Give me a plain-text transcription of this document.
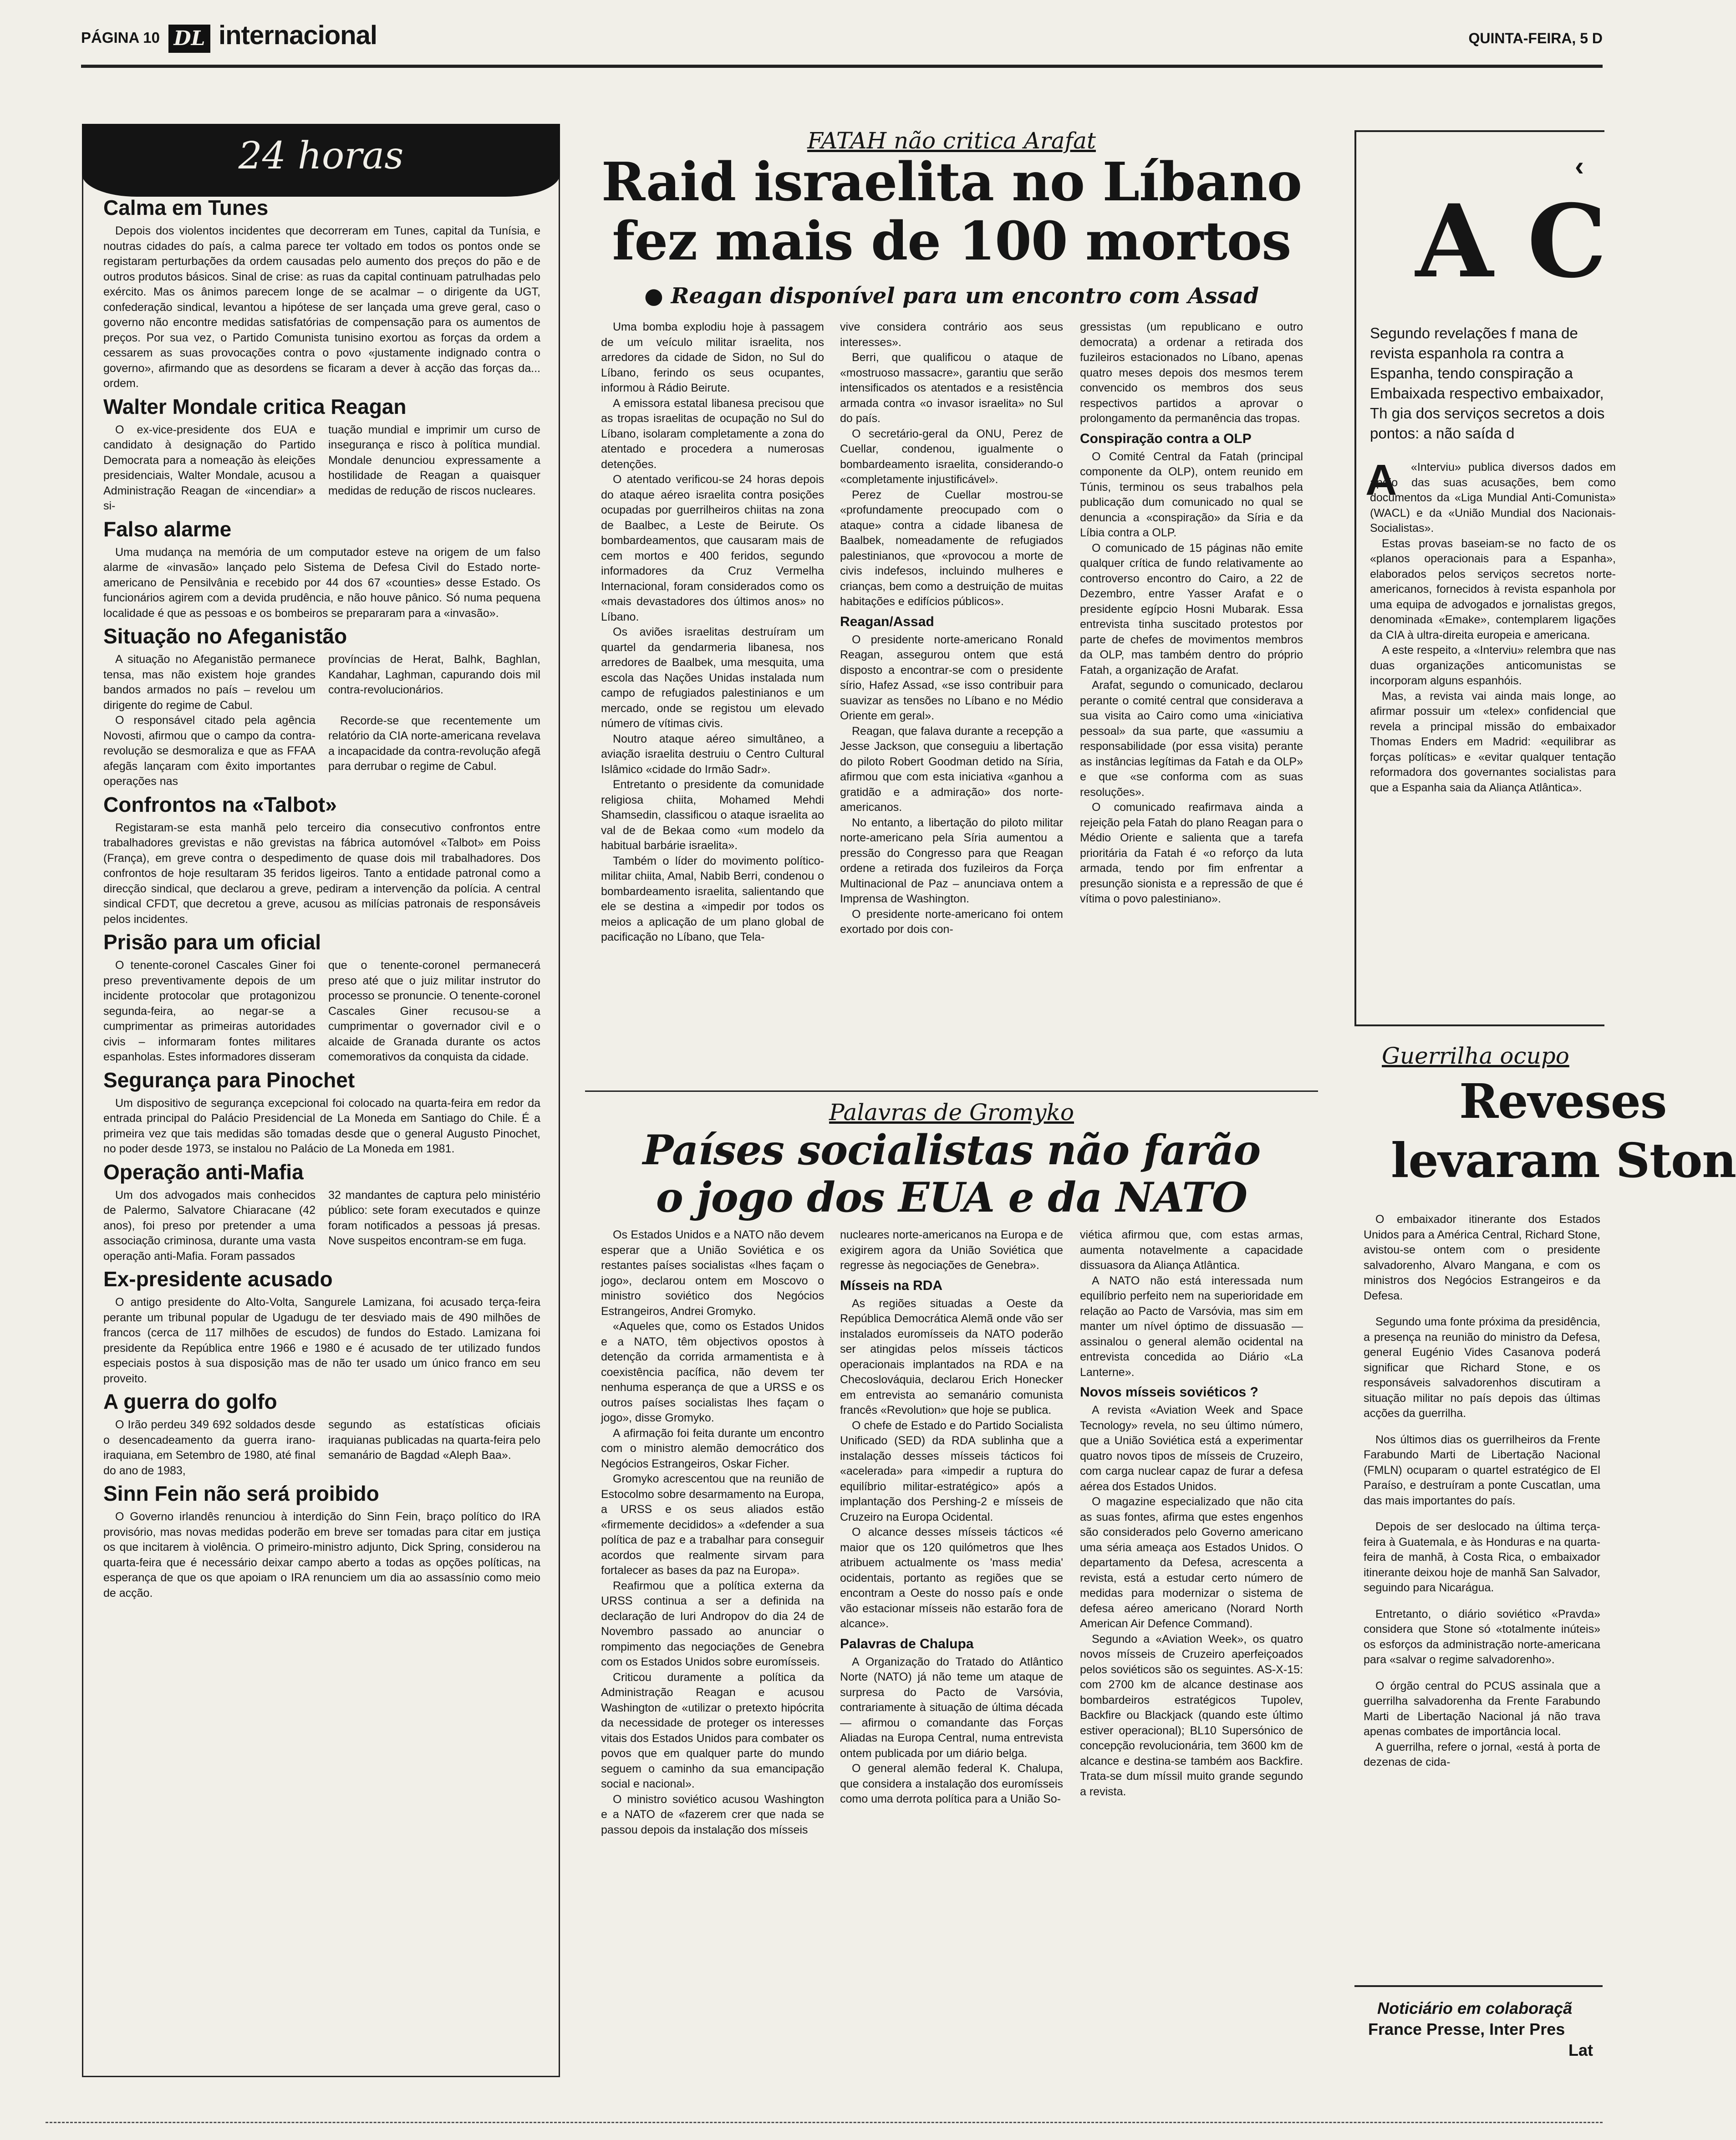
PÁGINA 10 DL internacional	QUINTA-FEIRA, 5 D
24 horas
Calma em Tunes

Depois dos violentos incidentes que decorreram em Tunes, capital da Tunísia, e noutras cidades do país, a calma parece ter voltado em todos os pontos onde se registaram perturbações da ordem causadas pelo aumento dos preços do pão e de outros produtos básicos. Sinal de crise: as ruas da capital continuam patrulhadas pelo exército. Mas os ânimos parecem longe de se acalmar – o dirigente da UGT, confederação sindical, levantou a hipótese de ser lançada uma greve geral, caso o governo não encontre medidas satisfatórias de compensação para os aumentos de preços. Por sua vez, o Partido Comunista tunisino exortou as forças da ordem a cessarem as suas provocações contra o povo «justamente indignado contra o governo», afirmando que as desordens se ficaram a dever à acção das forças da... ordem.

Walter Mondale critica Reagan

O ex-vice-presidente dos EUA e candidato à designação do Partido Democrata para a nomeação às eleições presidenciais, Walter Mondale, acusou a Administração Reagan de «incendiar» a si-

tuação mundial e imprimir um curso de insegurança e risco à política mundial. Mondale denunciou expressamente a hostilidade de Reagan a quaisquer medidas de redução de riscos nucleares.

Falso alarme

Uma mudança na memória de um computador esteve na origem de um falso alarme de «invasão» lançado pelo Sistema de Defesa Civil do Estado norte-americano de Pensilvânia e recebido por 44 dos 67 «counties» desse Estado. Os funcionários agirem com a devida prudência, e não houve pânico. Só numa pequena localidade é que as pessoas e os bombeiros se prepararam para a «invasão».

Situação no Afeganistão

A situação no Afeganistão permanece tensa, mas não existem hoje grandes bandos armados no país – revelou um dirigente do regime de Cabul.

O responsável citado pela agência Novosti, afirmou que o campo da contra-revolução se desmoraliza e que as FFAA afegãs lançaram com êxito importantes operações nas

províncias de Herat, Balhk, Baghlan, Kandahar, Laghman, capurando dois mil contra-revolucionários.

Recorde-se que recentemente um relatório da CIA norte-americana revelava a incapacidade da contra-revolução afegã para derrubar o regime de Cabul.

Confrontos na «Talbot»

Registaram-se esta manhã pelo terceiro dia consecutivo confrontos entre trabalhadores grevistas e não grevistas na fábrica automóvel «Talbot» em Poiss (França), em greve contra o despedimento de quase dois mil trabalhadores. Dos confrontos de hoje resultaram 35 feridos ligeiros. Tanto a entidade patronal como a direcção sindical, que declarou a greve, pediram a intervenção da polícia. A central sindical CFDT, que decretou a greve, acusou as milícias patronais de responsáveis pelos incidentes.

Prisão para um oficial

O tenente-coronel Cascales Giner foi preso preventivamente depois de um incidente protocolar que protagonizou segunda-feira, ao negar-se a cumprimentar as primeiras autoridades civis – informaram fontes militares espanholas. Estes informadores disseram

que o tenente-coronel permanecerá preso até que o juiz militar instrutor do processo se pronuncie. O tenente-coronel Cascales Giner recusou-se a cumprimentar o governador civil e o alcaide de Granada durante os actos comemorativos da conquista da cidade.

Segurança para Pinochet

Um dispositivo de segurança excepcional foi colocado na quarta-feira em redor da entrada principal do Palácio Presidencial de La Moneda em Santiago do Chile. É a primeira vez que tais medidas são tomadas desde que o general Augusto Pinochet, no poder desde 1973, se instalou no Palácio de La Moneda em 1981.

Operação anti-Mafia

Um dos advogados mais conhecidos de Palermo, Salvatore Chiaracane (42 anos), foi preso por pretender a uma associação criminosa, durante uma vasta operação anti-Mafia. Foram passados

32 mandantes de captura pelo ministério público: sete foram executados e quinze foram notificados a pessoas já presas. Nove suspeitos encontram-se em fuga.

Ex-presidente acusado

O antigo presidente do Alto-Volta, Sangurele Lamizana, foi acusado terça-feira perante um tribunal popular de Ugadugu de ter desviado mais de 490 milhões de francos (cerca de 117 milhões de escudos) de fundos do Estado. Lamizana foi presidente da República entre 1966 e 1980 e é acusado de ter utilizado fundos especiais postos à sua disposição mas de não ter usado um único franco em seu proveito.

A guerra do golfo

O Irão perdeu 349 692 soldados desde o desencadeamento da guerra irano-iraquiana, em Setembro de 1980, até final do ano de 1983,

segundo as estatísticas oficiais iraquianas publicadas na quarta-feira pelo semanário de Bagdad «Aleph Baa».

Sinn Fein não será proibido

O Governo irlandês renunciou à interdição do Sinn Fein, braço político do IRA provisório, mas novas medidas poderão em breve ser tomadas para citar em justiça os que incitarem à violência. O primeiro-ministro adjunto, Dick Spring, considerou na quarta-feira que é necessário deixar campo aberto a todas as opções políticas, na esperança de que os que apoiam o IRA renunciem um dia ao assassínio como meio de acção.

FATAH não critica Arafat
Raid israelita no Líbano
fez mais de 100 mortos
● Reagan disponível para um encontro com Assad

Uma bomba explodiu hoje à passagem de um veículo militar israelita, nos arredores da cidade de Sidon, no Sul do Líbano, ferindo os seus ocupantes, informou à Rádio Beirute.

A emissora estatal libanesa precisou que as tropas israelitas de ocupação no Sul do Líbano, isolaram completamente a zona do atentado e procedera a numerosas detenções.

O atentado verificou-se 24 horas depois do ataque aéreo israelita contra posições ocupadas por guerrilheiros chiitas na zona de Baalbec, a Leste de Beirute. Os bombardeamentos, que causaram mais de cem mortos e 400 feridos, segundo informadores da Cruz Vermelha Internacional, foram considerados como os «mais devastadores dos últimos anos» no Líbano.

Os aviões israelitas destruíram um quartel da gendarmeria libanesa, nos arredores de Baalbek, uma mesquita, uma escola das Nações Unidas instalada num campo de refugiados palestinianos e um mercado, onde se registou um elevado número de vítimas civis.

Noutro ataque aéreo simultâneo, a aviação israelita destruiu o Centro Cultural Islâmico «cidade do Irmão Sadr».

Entretanto o presidente da comunidade religiosa chiita, Mohamed Mehdi Shamsedin, classificou o ataque israelita ao val de de Bekaa como «um modelo da habitual barbárie israelita».

Também o líder do movimento político-militar chiita, Amal, Nabib Berri, condenou o bombardeamento israelita, salientando que ele se destina a «impedir por todos os meios a aplicação de um plano global de pacificação no Líbano, que Tela-

vive considera contrário aos seus interesses».

Berri, que qualificou o ataque de «mostruoso massacre», garantiu que serão intensificados os atentados e a resistência armada contra «o invasor israelita» no Sul do país.

O secretário-geral da ONU, Perez de Cuellar, condenou, igualmente o bombardeamento israelita, considerando-o «completamente injustificável».

Perez de Cuellar mostrou-se «profundamente preocupado com o ataque» contra a cidade libanesa de Baalbek, nomeadamente de refugiados palestinianos, que «provocou a morte de civis indefesos, incluindo mulheres e crianças, bem como a destruição de muitas habitações e edifícios públicos».

Reagan/Assad

O presidente norte-americano Ronald Reagan, assegurou ontem que está disposto a encontrar-se com o presidente sírio, Hafez Assad, «se isso contribuir para suavizar as tensões no Líbano e no Médio Oriente em geral».

Reagan, que falava durante a recepção a Jesse Jackson, que conseguiu a libertação do piloto Robert Goodman detido na Síria, afirmou que com esta iniciativa «ganhou a gratidão e a admiração» dos norte-americanos.

No entanto, a libertação do piloto militar norte-americano pela Síria aumentou a pressão do Congresso para que Reagan ordene a retirada dos fuzileiros da Força Multinacional de Paz – anunciava ontem a Imprensa de Washington.

O presidente norte-americano foi ontem exortado por dois con-

gressistas (um republicano e outro democrata) a ordenar a retirada dos fuzileiros estacionados no Líbano, apenas quatro meses depois dos mesmos terem convencido os membros dos seus respectivos partidos a aprovar o prolongamento da permanência das tropas.

Conspiração contra a OLP

O Comité Central da Fatah (principal componente da OLP), ontem reunido em Túnis, terminou os seus trabalhos pela publicação dum comunicado no qual se denuncia a «conspiração» da Síria e da Líbia contra a OLP.

O comunicado de 15 páginas não emite qualquer crítica de fundo relativamente ao controverso encontro do Cairo, a 22 de Dezembro, entre Yasser Arafat e o presidente egípcio Hosni Mubarak. Essa entrevista tinha suscitado protestos por parte de chefes de movimentos membros da OLP, mas também dentro do próprio Fatah, a organização de Arafat.

Arafat, segundo o comunicado, declarou perante o comité central que considerava a sua visita ao Cairo como uma «iniciativa pessoal» da sua parte, que «assumiu a responsabilidade (por essa visita) perante as instâncias legítimas da Fatah e da OLP» e que «se conforma com as suas resoluções».

O comunicado reafirmava ainda a rejeição pela Fatah do plano Reagan para o Médio Oriente e salienta que a tarefa prioritária da Fatah é «o reforço da luta armada, tendo por fim enfrentar a presunção sionista e a repressão de que é vítima o povo palestiniano».

Palavras de Gromyko
Países socialistas não farão
o jogo dos EUA e da NATO

Os Estados Unidos e a NATO não devem esperar que a União Soviética e os restantes países socialistas «lhes façam o jogo», declarou ontem em Moscovo o ministro soviético dos Negócios Estrangeiros, Andrei Gromyko.

«Aqueles que, como os Estados Unidos e a NATO, têm objectivos opostos à detenção da corrida armamentista e à coexistência pacífica, não devem ter nenhuma esperança de que a URSS e os outros países socialistas lhes façam o jogo», disse Gromyko.

A afirmação foi feita durante um encontro com o ministro alemão democrático dos Negócios Estrangeiros, Oskar Ficher.

Gromyko acrescentou que na reunião de Estocolmo sobre desarmamento na Europa, a URSS e os seus aliados estão «firmemente decididos» a «defender a sua política de paz e a trabalhar para conseguir acordos que realmente sirvam para fortalecer as bases da paz na Europa».

Reafirmou que a política externa da URSS continua a ser a definida na declaração de Iuri Andropov do dia 24 de Novembro passado ao anunciar o rompimento das negociações de Genebra com os Estados Unidos sobre euromísseis.

Criticou duramente a política da Administração Reagan e acusou Washington de «utilizar o pretexto hipócrita da necessidade de proteger os interesses vitais dos Estados Unidos para combater os povos que em qualquer parte do mundo seguem o caminho da sua emancipação social e nacional».

O ministro soviético acusou Washington e a NATO de «fazerem crer que nada se passou depois da instalação dos mísseis

nucleares norte-americanos na Europa e de exigirem agora da União Soviética que regresse às negociações de Genebra».

Mísseis na RDA

As regiões situadas a Oeste da República Democrática Alemã onde vão ser instalados euromísseis da NATO poderão ser atingidas pelos mísseis tácticos operacionais implantados na RDA e na Checoslováquia, declarou Erich Honecker em entrevista ao semanário comunista francês «Revolution» que hoje se publica.

O chefe de Estado e do Partido Socialista Unificado (SED) da RDA sublinha que a instalação desses mísseis tácticos foi «acelerada» para «impedir a ruptura do equilíbrio militar-estratégico» após a implantação dos Pershing-2 e mísseis de Cruzeiro na Europa Ocidental.

O alcance desses mísseis tácticos «é maior que os 120 quilómetros que lhes atribuem actualmente os 'mass media' ocidentais, portanto as regiões que se encontram a Oeste do nosso país e onde vão estacionar mísseis não estarão fora de alcance».

Palavras de Chalupa

A Organização do Tratado do Atlântico Norte (NATO) já não teme um ataque de surpresa do Pacto de Varsóvia, contrariamente à situação de última década — afirmou o comandante das Forças Aliadas na Europa Central, numa entrevista ontem publicada por um diário belga.

O general alemão federal K. Chalupa, que considera a instalação dos euromísseis como uma derrota política para a União So-

viética afirmou que, com estas armas, aumenta notavelmente a capacidade dissuasora da Aliança Atlântica.

A NATO não está interessada num equilíbrio perfeito nem na superioridade em relação ao Pacto de Varsóvia, mas sim em manter um nível óptimo de dissuasão — assinalou o general alemão ocidental na entrevista concedida ao Diário «La Lanterne».

Novos mísseis soviéticos ?

A revista «Aviation Week and Space Tecnology» revela, no seu último número, que a União Soviética está a experimentar quatro novos tipos de mísseis de Cruzeiro, com carga nuclear capaz de furar a defesa aérea dos Estados Unidos.

O magazine especializado que não cita as suas fontes, afirma que estes engenhos são considerados pelo Governo americano uma séria ameaça aos Estados Unidos. O departamento da Defesa, acrescenta a revista, está a estudar certo número de medidas para modernizar o sistema de defesa aéreo americano (Norard North American Air Defence Command).

Segundo a «Aviation Week», os quatro novos mísseis de Cruzeiro aperfeiçoados pelos soviéticos são os seguintes. AS-X-15: com 2700 km de alcance destinase aos bombardeiros estratégicos Tupolev, Backfire ou Blackjack (quando este último estiver operacional); BL10 Supersónico de concepção revolucionária, tem 3600 km de alcance e destina-se também aos Backfire. Trata-se dum míssil muito grande segundo a revista.

‹
A C
Segundo revelações f mana de revista espanhola ra contra a Espanha, tendo conspiração a Embaixada respectivo embaixador, Th gia dos serviços secretos a dois pontos: a não saída d
A	«Interviu» publica diversos dados em apoio das suas acusações, bem como documentos da «Liga Mundial Anti-Comunista» (WACL) e da «União Mundial dos Nacionais-Socialistas».

Estas provas baseiam-se no facto de os «planos operacionais para a Espanha», elaborados pelos serviços secretos norte-americanos, fornecidos à revista espanhola por uma equipa de advogados e jornalistas gregos, denominada «Emake», contemplarem ligações da CIA à ultra-direita europeia e americana.

A este respeito, a «Interviu» relembra que nas duas organizações anticomunistas se incorporam alguns espanhóis.

Mas, a revista vai ainda mais longe, ao afirmar possuir um «telex» confidencial que revela a principal missão do embaixador Thomas Enders em Madrid: «equilibrar as forças políticas» e «evitar qualquer tentação reformadora dos governantes socialistas para que a Espanha saia da Aliança Atlântica».

Guerrilha ocupo
Reveses
levaram Ston

O embaixador itinerante dos Estados Unidos para a América Central, Richard Stone, avistou-se ontem com o presidente salvadorenho, Alvaro Mangana, e com os ministros dos Negócios Estrangeiros e da Defesa.

Segundo uma fonte próxima da presidência, a presença na reunião do ministro da Defesa, general Eugénio Vides Casanova poderá significar que Richard Stone, e os responsáveis salvadorenhos discutiram a situação militar no país depois das últimas acções da guerrilha.

Nos últimos dias os guerrilheiros da Frente Farabundo Marti de Libertação Nacional (FMLN) ocuparam o quartel estratégico de El Paraíso, e destruíram a ponte Cuscatlan, uma das mais importantes do país.

Depois de ser deslocado na última terça-feira à Guatemala, e às Honduras e na quarta-feira de manhã, à Costa Rica, o embaixador itinerante deixou hoje de manhã San Salvador, seguindo para Nicarágua.

Entretanto, o diário soviético «Pravda» considera que Stone só «totalmente inúteis» os esforços da administração norte-americana para «salvar o regime salvadorenho».

O órgão central do PCUS assinala que a guerrilha salvadorenha da Frente Farabundo Marti de Libertação Nacional já não trava apenas combates de importância local.

A guerrilha, refere o jornal, «está à porta de dezenas de cida-

Noticiário em colaboraçã
France Presse, Inter Pres
Lat
